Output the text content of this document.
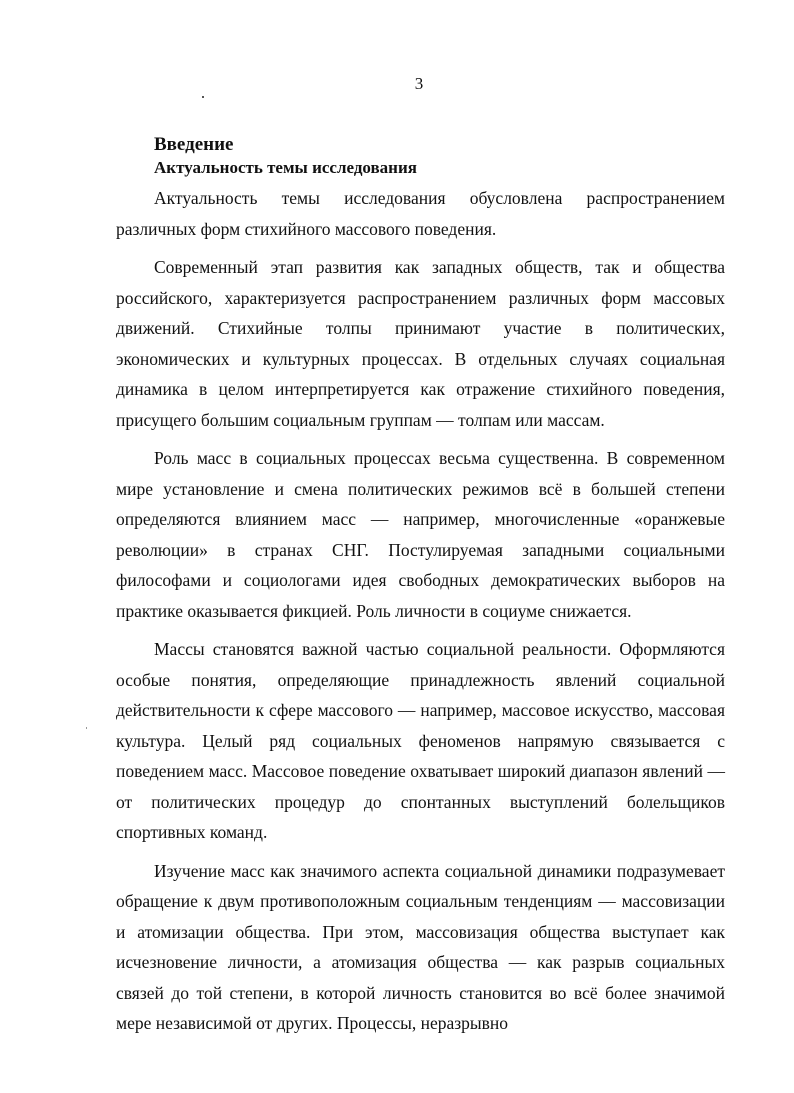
3
Введение
Актуальность темы исследования

Актуальность темы исследования обусловлена распространением различных форм стихийного массового поведения.

Современный этап развития как западных обществ, так и общества российского, характеризуется распространением различных форм массовых движений. Стихийные толпы принимают участие в политических, экономических и культурных процессах. В отдельных случаях социальная динамика в целом интерпретируется как отражение стихийного поведения, присущего большим социальным группам — толпам или массам.

Роль масс в социальных процессах весьма существенна. В современном мире установление и смена политических режимов всё в большей степени определяются влиянием масс — например, многочисленные «оранжевые революции» в странах СНГ. Постулируемая западными социальными философами и социологами идея свободных демократических выборов на практике оказывается фикцией. Роль личности в социуме снижается.

Массы становятся важной частью социальной реальности. Оформляются особые понятия, определяющие принадлежность явлений социальной действительности к сфере массового — например, массовое искусство, массовая культура. Целый ряд социальных феноменов напрямую связывается с поведением масс. Массовое поведение охватывает широкий диапазон явлений — от политических процедур до спонтанных выступлений болельщиков спортивных команд.

Изучение масс как значимого аспекта социальной динамики подразумевает обращение к двум противоположным социальным тенденциям — массовизации и атомизации общества. При этом, массовизация общества выступает как исчезновение личности, а атомизация общества — как разрыв социальных связей до той степени, в которой личность становится во всё более значимой мере независимой от других. Процессы, неразрывно
